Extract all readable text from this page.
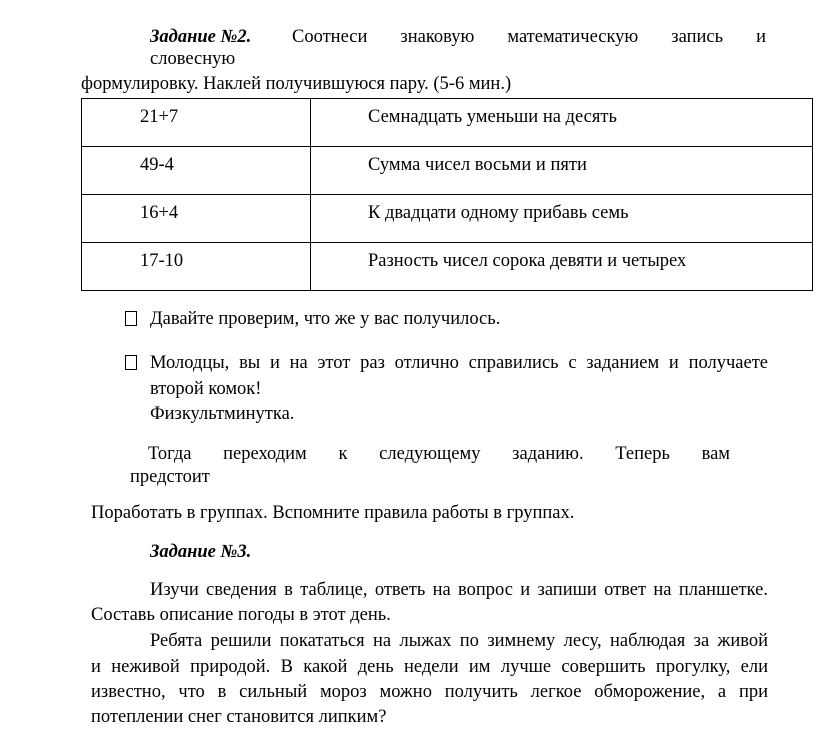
Задание №2.	Соотнеси знаковую математическую запись и
словесную
формулировку. Наклей получившуюся пару. (5-6 мин.)
21+7	Семнадцать уменьши на десять
49-4	Сумма чисел восьми и пяти
16+4	К двадцати одному прибавь семь
17-10	Разность чисел сорока девяти и четырех
Давайте проверим, что же у вас получилось.
Молодцы, вы и на этот раз отлично справились с заданием и получаете
второй комок!
Физкультминутка.
Тогда переходим к следующему заданию. Теперь вам
предстоит
Поработать в группах. Вспомните правила работы в группах.
Задание №3.
Изучи сведения в таблице, ответь на вопрос и запиши ответ на планшетке.
Составь описание погоды в этот день.
Ребята решили покататься на лыжах по зимнему лесу, наблюдая за живой
и неживой природой. В какой день недели им лучше совершить прогулку, ели
известно, что в сильный мороз можно получить легкое обморожение, а при
потеплении снег становится липким?
